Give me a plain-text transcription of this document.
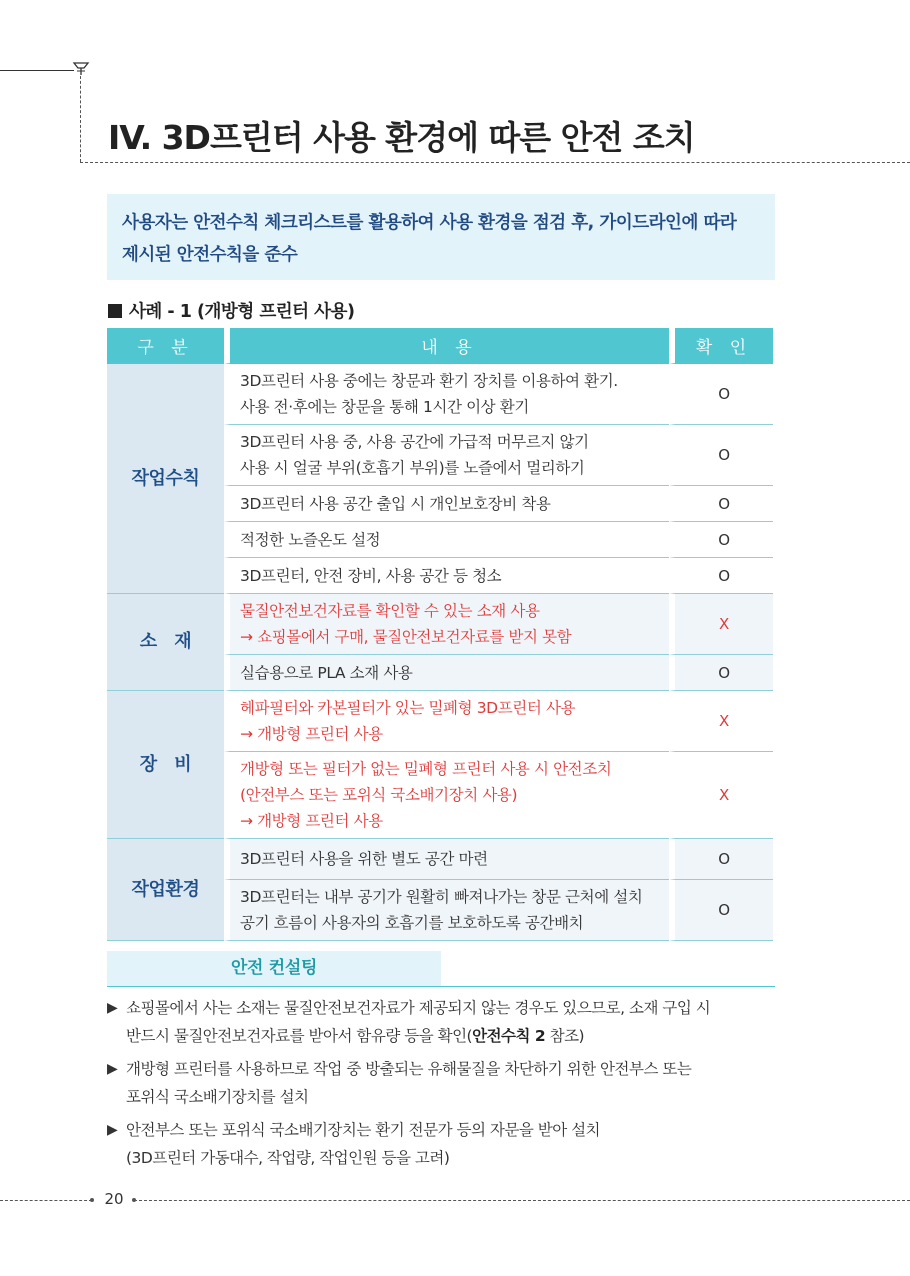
IV. 3D프린터 사용 환경에 따른 안전 조치
사용자는 안전수칙 체크리스트를 활용하여 사용 환경을 점검 후, 가이드라인에 따라
제시된 안전수칙을 준수
사례 - 1 (개방형 프린터 사용)
구 분	내 용	확 인
작업수칙	3D프린터 사용 중에는 창문과 환기 장치를 이용하여 환기.
사용 전·후에는 창문을 통해 1시간 이상 환기	O

	3D프린터 사용 중, 사용 공간에 가급적 머무르지 않기
사용 시 얼굴 부위(호흡기 부위)를 노즐에서 멀리하기	O

	3D프린터 사용 공간 출입 시 개인보호장비 착용	O

	적정한 노즐온도 설정	O

	3D프린터, 안전 장비, 사용 공간 등 청소	O
소   재	물질안전보건자료를 확인할 수 있는 소재 사용
→ 쇼핑몰에서 구매, 물질안전보건자료를 받지 못함	X

	실습용으로 PLA 소재 사용	O
장   비	헤파필터와 카본필터가 있는 밀폐형 3D프린터 사용
→ 개방형 프린터 사용	X

	개방형 또는 필터가 없는 밀폐형 프린터 사용 시 안전조치
(안전부스 또는 포위식 국소배기장치 사용)
→ 개방형 프린터 사용	X
작업환경	3D프린터 사용을 위한 별도 공간 마련	O

	3D프린터는 내부 공기가 원활히 빠져나가는 창문 근처에 설치
공기 흐름이 사용자의 호흡기를 보호하도록 공간배치	O
안전 컨설팅
▶ 쇼핑몰에서 사는 소재는 물질안전보건자료가 제공되지 않는 경우도 있으므로, 소재 구입 시
반드시 물질안전보건자료를 받아서 함유량 등을 확인(안전수칙 2 참조)
▶ 개방형 프린터를 사용하므로 작업 중 방출되는 유해물질을 차단하기 위한 안전부스 또는
포위식 국소배기장치를 설치
▶ 안전부스 또는 포위식 국소배기장치는 환기 전문가 등의 자문을 받아 설치
(3D프린터 가동대수, 작업량, 작업인원 등을 고려)
20
